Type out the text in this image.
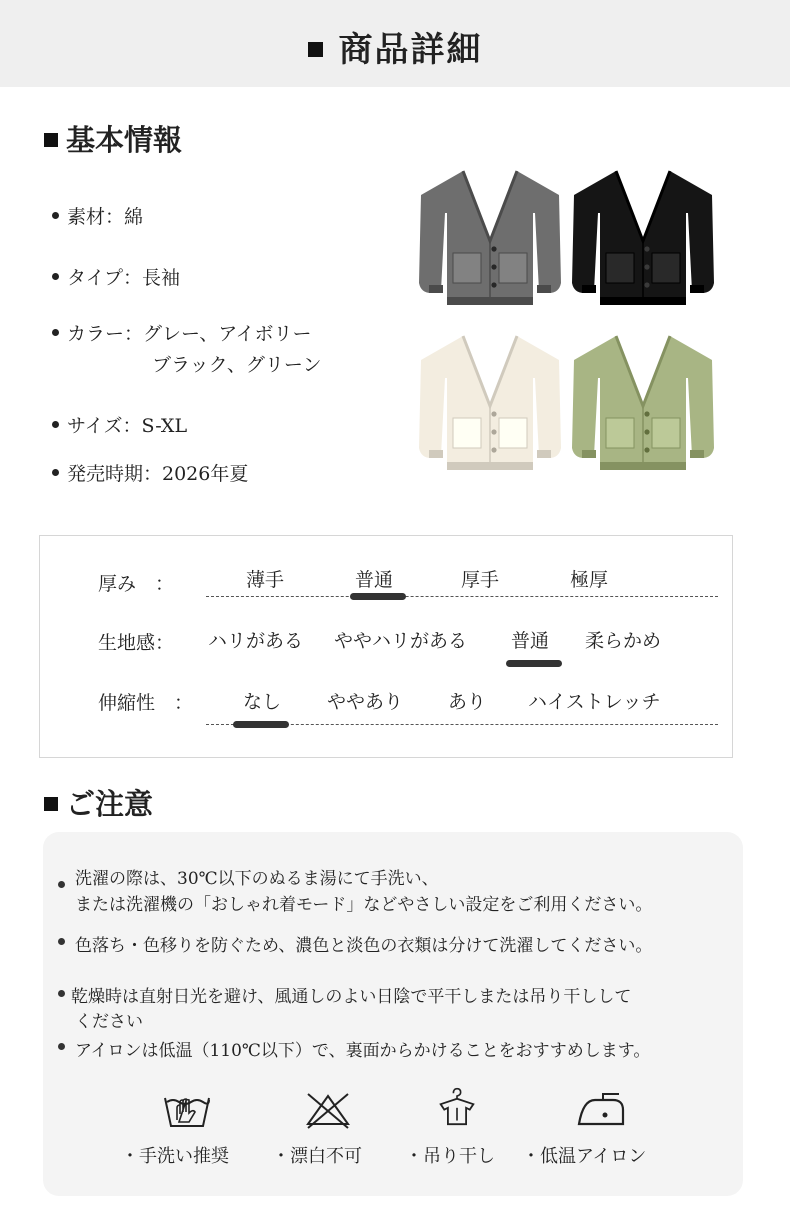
商品詳細
基本情報
素材：綿
タイプ：長袖
カラー：グレー、アイボリー
ブラック、グリーン
サイズ：S-XL
発売時期：2026年夏
厚み　：	薄手	普通	厚手	極厚
生地感： ハリがある ややハリがある 普通 柔らかめ
伸縮性　：	なし ややあり あり ハイストレッチ
ご注意
洗濯の際は、30℃以下のぬるま湯にて手洗い、
または洗濯機の「おしゃれ着モード」などやさしい設定をご利用ください。
色落ち・色移りを防ぐため、濃色と淡色の衣類は分けて洗濯してください。
乾燥時は直射日光を避け、風通しのよい日陰で平干しまたは吊り干しして
ください
アイロンは低温（110℃以下）で、裏面からかけることをおすすめします。
・手洗い推奨 ・漂白不可 ・吊り干し ・低温アイロン
